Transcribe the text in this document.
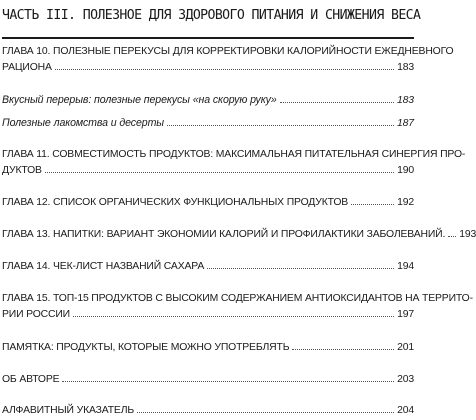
ЧАСТЬ III. ПОЛЕЗНОЕ ДЛЯ ЗДОРОВОГО ПИТАНИЯ И СНИЖЕНИЯ ВЕСА
ГЛАВА 10. ПОЛЕЗНЫЕ ПЕРЕКУСЫ ДЛЯ КОРРЕКТИРОВКИ КАЛОРИЙНОСТИ ЕЖЕДНЕВНОГО
РАЦИОНА	183
Вкусный перерыв: полезные перекусы «на скорую руку»	183
Полезные лакомства и десерты	187
ГЛАВА 11. СОВМЕСТИМОСТЬ ПРОДУКТОВ: МАКСИМАЛЬНАЯ ПИТАТЕЛЬНАЯ СИНЕРГИЯ ПРО-
ДУКТОВ	190
ГЛАВА 12. СПИСОК ОРГАНИЧЕСКИХ ФУНКЦИОНАЛЬНЫХ ПРОДУКТОВ	192
ГЛАВА 13. НАПИТКИ: ВАРИАНТ ЭКОНОМИИ КАЛОРИЙ И ПРОФИЛАКТИКИ ЗАБОЛЕВАНИЙ. 193
ГЛАВА 14. ЧЕК-ЛИСТ НАЗВАНИЙ САХАРА	194
ГЛАВА 15. ТОП-15 ПРОДУКТОВ С ВЫСОКИМ СОДЕРЖАНИЕМ АНТИОКСИДАНТОВ НА ТЕРРИТО-
РИИ РОССИИ	197
ПАМЯТКА: ПРОДУКТЫ, КОТОРЫЕ МОЖНО УПОТРЕБЛЯТЬ	201
ОБ АВТОРЕ	203
АЛФАВИТНЫЙ УКАЗАТЕЛЬ	204
